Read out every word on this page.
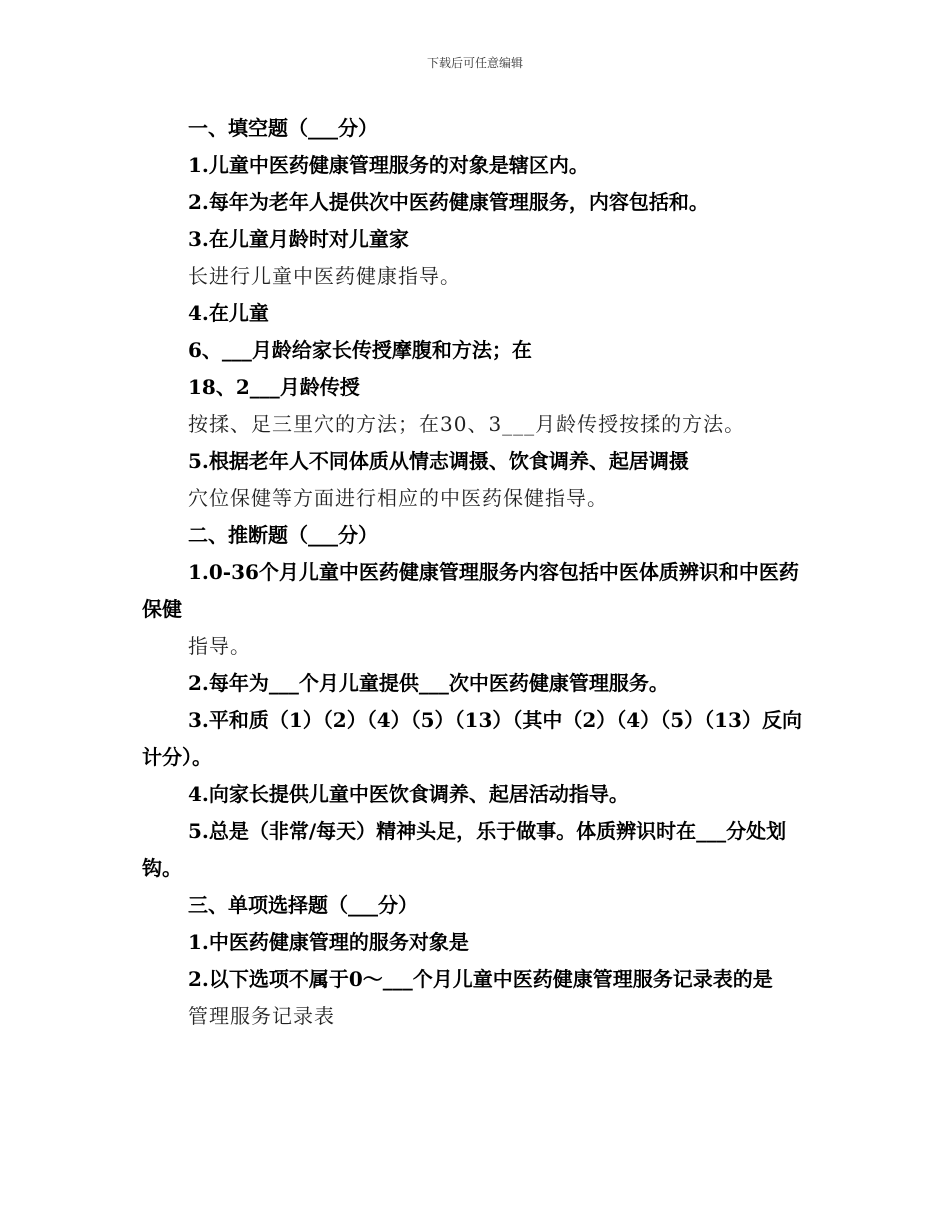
下载后可任意编辑
一、填空题（___分）
1.儿童中医药健康管理服务的对象是辖区内。
2.每年为老年人提供次中医药健康管理服务，内容包括和。
3.在儿童月龄时对儿童家
长进行儿童中医药健康指导。
4.在儿童
6、___月龄给家长传授摩腹和方法；在
18、2___月龄传授
按揉、足三里穴的方法；在30、3___月龄传授按揉的方法。
5.根据老年人不同体质从情志调摄、饮食调养、起居调摄
穴位保健等方面进行相应的中医药保健指导。
二、推断题（___分）
1.0-36个月儿童中医药健康管理服务内容包括中医体质辨识和中医药保健
指导。
2.每年为___个月儿童提供___次中医药健康管理服务。
3.平和质（1）（2）（4）（5）（13）（其中（2）（4）（5）（13）反向计分）。
4.向家长提供儿童中医饮食调养、起居活动指导。
5.总是（非常/每天）精神头足，乐于做事。体质辨识时在___分处划钩。
三、单项选择题（___分）
1.中医药健康管理的服务对象是
2.以下选项不属于0～___个月儿童中医药健康管理服务记录表的是
管理服务记录表
